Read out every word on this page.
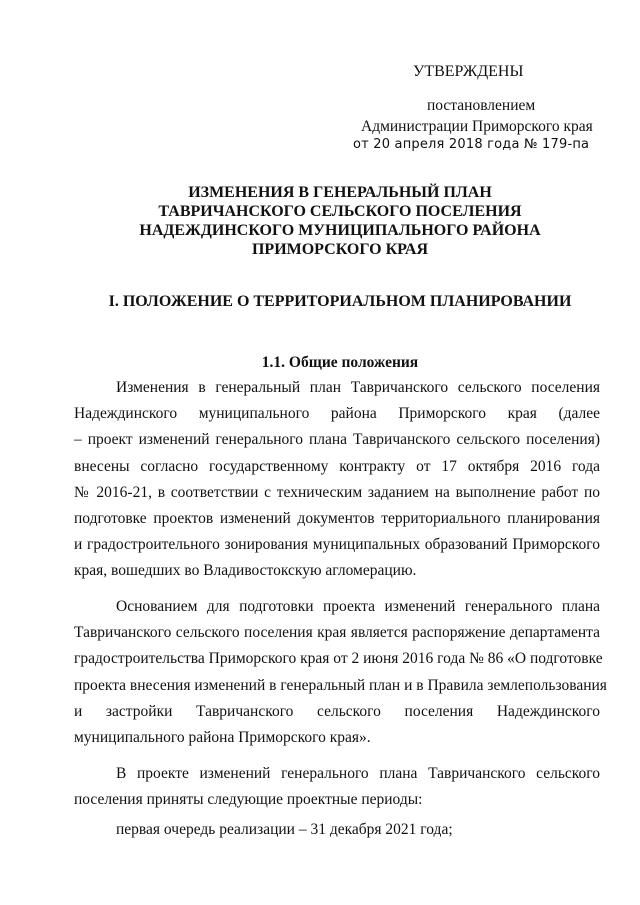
УТВЕРЖДЕНЫ
постановлением
Администрации Приморского края
от 20 апреля 2018 года № 179-па
ИЗМЕНЕНИЯ В ГЕНЕРАЛЬНЫЙ ПЛАН
ТАВРИЧАНСКОГО СЕЛЬСКОГО ПОСЕЛЕНИЯ
НАДЕЖДИНСКОГО МУНИЦИПАЛЬНОГО РАЙОНА
ПРИМОРСКОГО КРАЯ
I. ПОЛОЖЕНИЕ О ТЕРРИТОРИАЛЬНОМ ПЛАНИРОВАНИИ
1.1. Общие положения
Изменения в генеральный план Тавричанского сельского поселения
Надеждинского муниципального района Приморского края (далее
– проект изменений генерального плана Тавричанского сельского поселения)
внесены согласно государственному контракту от 17 октября 2016 года
№ 2016-21, в соответствии с техническим заданием на выполнение работ по
подготовке проектов изменений документов территориального планирования
и градостроительного зонирования муниципальных образований Приморского
края, вошедших во Владивостокскую агломерацию.
Основанием для подготовки проекта изменений генерального плана
Тавричанского сельского поселения края является распоряжение департамента
градостроительства Приморского края от 2 июня 2016 года № 86 «О подготовке
проекта внесения изменений в генеральный план и в Правила землепользования
и застройки Тавричанского сельского поселения Надеждинского
муниципального района Приморского края».
В проекте изменений генерального плана Тавричанского сельского
поселения приняты следующие проектные периоды:
первая очередь реализации – 31 декабря 2021 года;
